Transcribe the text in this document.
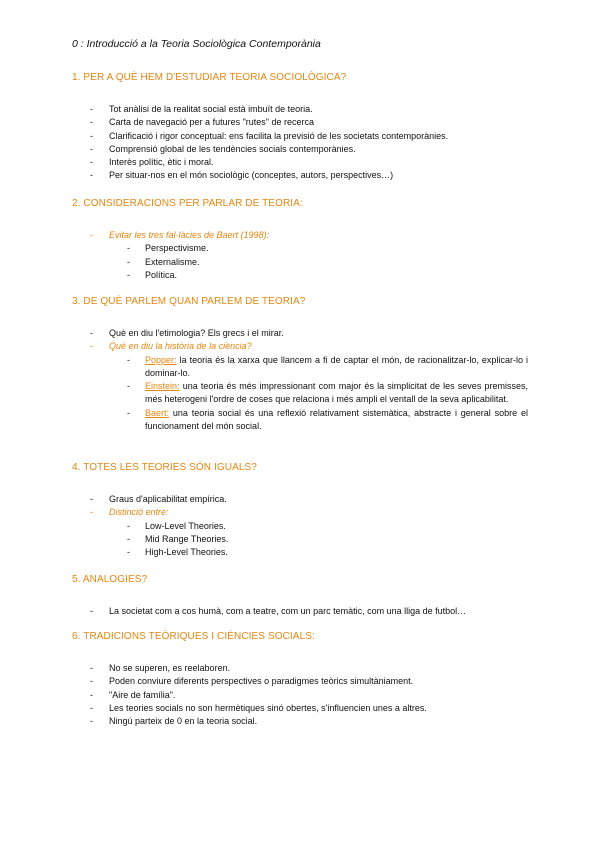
0 : Introducció a la Teoria Sociològica Contemporània
1. PER A QUÈ HEM D'ESTUDIAR TEORIA SOCIOLÒGICA?
- Tot anàlisi de la realitat social està imbuït de teoria.
- Carta de navegació per a futures "rutes" de recerca
- Clarificació i rigor conceptual: ens facilita la previsió de les societats contemporànies.
- Comprensió global de les tendències socials contemporànies.
- Interès polític, ètic i moral.
- Per situar-nos en el món sociològic (conceptes, autors, perspectives…)
2. CONSIDERACIONS PER PARLAR DE TEORIA:
- Evitar les tres fal·làcies de Baert (1998):
- Perspectivisme.
- Externalisme.
- Política.
3. DE QUÈ PARLEM QUAN PARLEM DE TEORIA?
- Què en diu l'etimologia? Els grecs i el mirar.
- Què en diu la història de la ciència?
- Popper: la teoria és la xarxa que llancem a fi de captar el món, de racionalitzar-lo, explicar-lo i dominar-lo.
- Einstein: una teoria és més impressionant com major és la simplicitat de les seves premisses, més heterogeni l'ordre de coses que relaciona i més ampli el ventall de la seva aplicabilitat.
- Baert: una teoria social és una reflexió relativament sistemàtica, abstracte i general sobre el funcionament del món social.
4. TOTES LES TEORIES SÓN IGUALS?
- Graus d'aplicabilitat empírica.
- Distinció entre:
- Low-Level Theories.
- Mid Range Theories.
- High-Level Theories.
5. ANALOGIES?
- La societat com a cos humà, com a teatre, com un parc temàtic, com una lliga de futbol…
6. TRADICIONS TEÒRIQUES I CIÈNCIES SOCIALS:
- No se superen, es reelaboren.
- Poden conviure diferents perspectives o paradigmes teòrics simultàniament.
- "Aire de família".
- Les teories socials no son hermètiques sinó obertes, s'influencien unes a altres.
- Ningú parteix de 0 en la teoria social.
